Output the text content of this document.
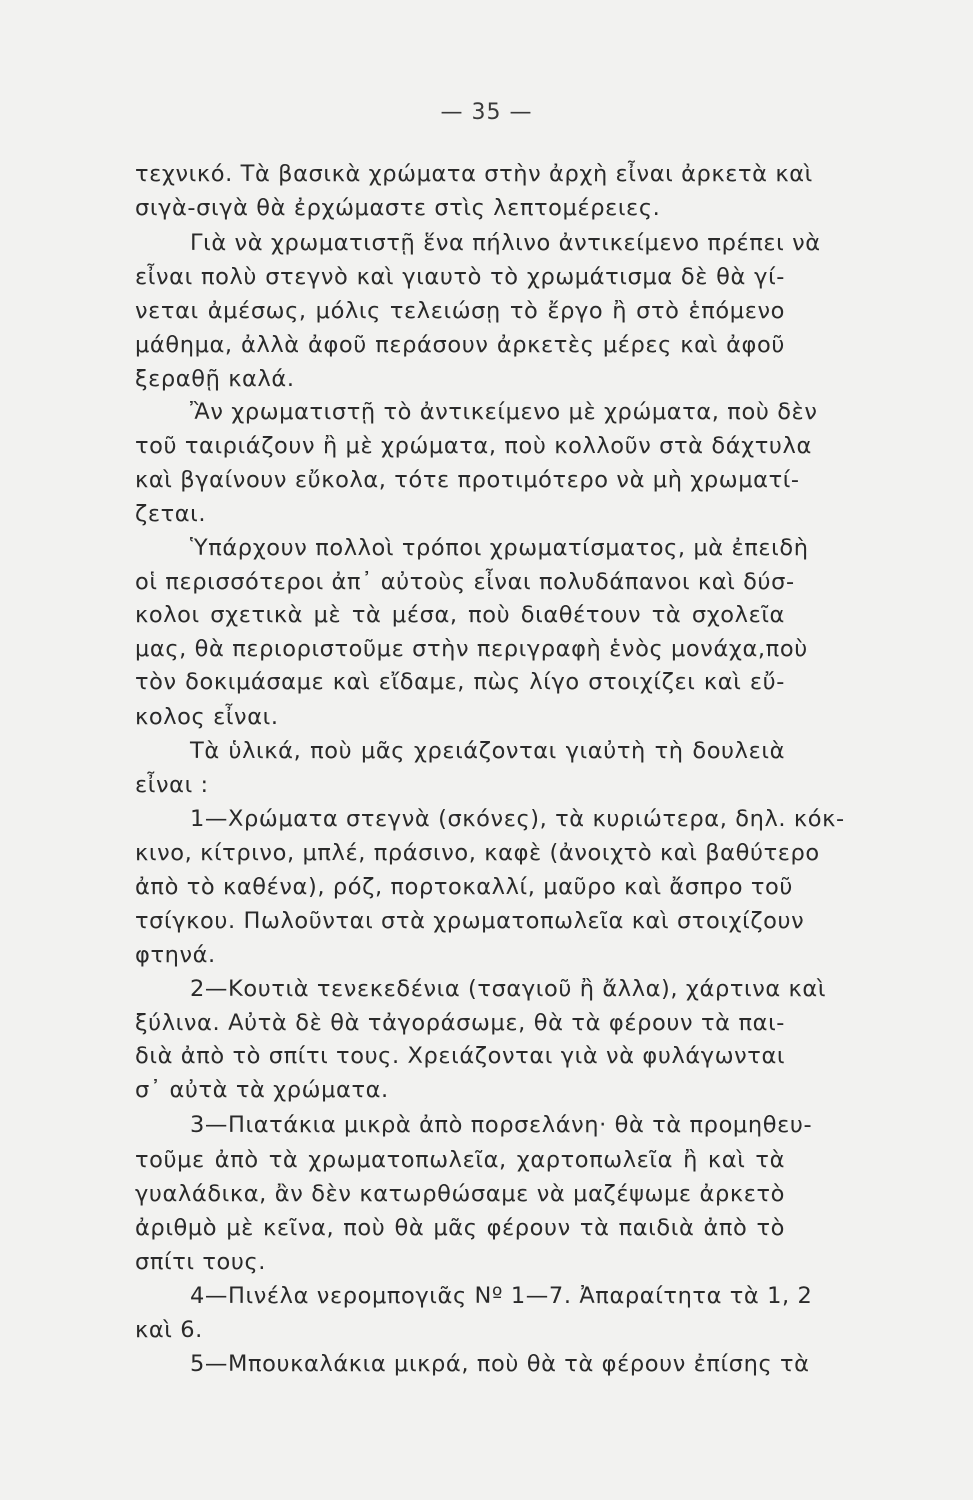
— 35 —
τεχνικό. Τὰ βασικὰ χρώματα στὴν ἀρχὴ εἶναι ἀρκετὰ καὶ
σιγὰ-σιγὰ θὰ ἐρχώμαστε στὶς λεπτομέρειες.
Γιὰ νὰ χρωματιστῇ ἕνα πήλινο ἀντικείμενο πρέπει νὰ
εἶναι πολὺ στεγνὸ καὶ γιαυτὸ τὸ χρωμάτισμα δὲ θὰ γί-
νεται ἀμέσως, μόλις τελειώσῃ τὸ ἔργο ἢ στὸ ἑπόμενο
μάθημα, ἀλλὰ ἀφοῦ περάσουν ἀρκετὲς μέρες καὶ ἀφοῦ
ξεραθῇ καλά.
Ἂν χρωματιστῇ τὸ ἀντικείμενο μὲ χρώματα, ποὺ δὲν
τοῦ ταιριάζουν ἢ μὲ χρώματα, ποὺ κολλοῦν στὰ δάχτυλα
καὶ βγαίνουν εὔκολα, τότε προτιμότερο νὰ μὴ χρωματί-
ζεται.
Ὑπάρχουν πολλοὶ τρόποι χρωματίσματος, μὰ ἐπειδὴ
οἱ περισσότεροι ἀπ᾽ αὐτοὺς εἶναι πολυδάπανοι καὶ δύσ-
κολοι σχετικὰ μὲ τὰ μέσα, ποὺ διαθέτουν τὰ σχολεῖα
μας, θὰ περιοριστοῦμε στὴν περιγραφὴ ἑνὸς μονάχα,ποὺ
τὸν δοκιμάσαμε καὶ εἴδαμε, πὼς λίγο στοιχίζει καὶ εὔ-
κολος εἶναι.
Τὰ ὑλικά, ποὺ μᾶς χρειάζονται γιαὐτὴ τὴ δουλειὰ
εἶναι :
1—Χρώματα στεγνὰ (σκόνες), τὰ κυριώτερα, δηλ. κόκ-
κινο, κίτρινο, μπλέ, πράσινο, καφὲ (ἀνοιχτὸ καὶ βαθύτερο
ἀπὸ τὸ καθένα), ρόζ, πορτοκαλλί, μαῦρο καὶ ἄσπρο τοῦ
τσίγκου. Πωλοῦνται στὰ χρωματοπωλεῖα καὶ στοιχίζουν
φτηνά.
2—Κουτιὰ τενεκεδένια (τσαγιοῦ ἢ ἄλλα), χάρτινα καὶ
ξύλινα. Αὐτὰ δὲ θὰ τἀγοράσωμε, θὰ τὰ φέρουν τὰ παι-
διὰ ἀπὸ τὸ σπίτι τους. Χρειάζονται γιὰ νὰ φυλάγωνται
σ᾽ αὐτὰ τὰ χρώματα.
3—Πιατάκια μικρὰ ἀπὸ πορσελάνη· θὰ τὰ προμηθευ-
τοῦμε ἀπὸ τὰ χρωματοπωλεῖα, χαρτοπωλεῖα ἢ καὶ τὰ
γυαλάδικα, ἂν δὲν κατωρθώσαμε νὰ μαζέψωμε ἀρκετὸ
ἀριθμὸ μὲ κεῖνα, ποὺ θὰ μᾶς φέρουν τὰ παιδιὰ ἀπὸ τὸ
σπίτι τους.
4—Πινέλα νερομπογιᾶς Νº 1—7. Ἀπαραίτητα τὰ 1, 2
καὶ 6.
5—Μπουκαλάκια μικρά, ποὺ θὰ τὰ φέρουν ἐπίσης τὰ
